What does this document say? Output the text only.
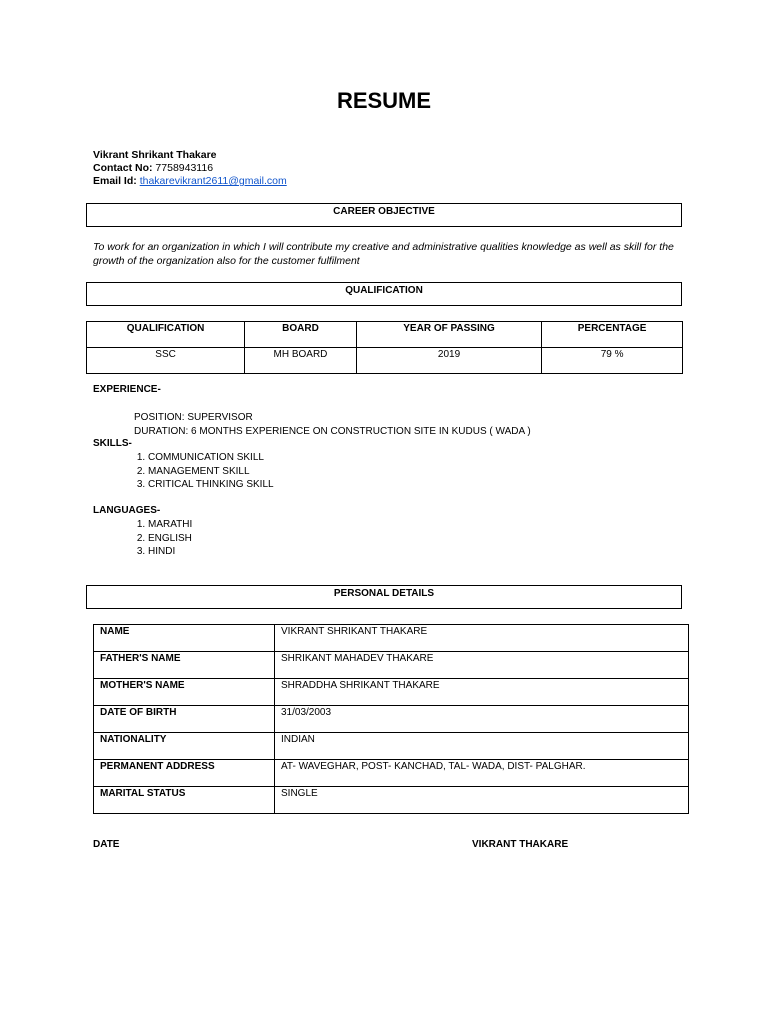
RESUME
Vikrant Shrikant Thakare
Contact No: 7758943116
Email Id: thakarevikrant2611@gmail.com
CAREER OBJECTIVE
To work for an organization in which I will contribute my creative and administrative qualities knowledge as well as skill for the growth of the organization also for the customer fulfilment
QUALIFICATION
QUALIFICATION	BOARD	YEAR OF PASSING	PERCENTAGE
SSC	MH BOARD	2019	79 %
EXPERIENCE-
POSITION: SUPERVISOR
DURATION: 6 MONTHS EXPERIENCE ON CONSTRUCTION SITE IN KUDUS ( WADA )
SKILLS-
1. COMMUNICATION SKILL
2. MANAGEMENT SKILL
3. CRITICAL THINKING SKILL
LANGUAGES-
1. MARATHI
2. ENGLISH
3. HINDI
PERSONAL DETAILS
NAME	VIKRANT SHRIKANT THAKARE
FATHER'S NAME	SHRIKANT MAHADEV THAKARE
MOTHER'S NAME	SHRADDHA SHRIKANT THAKARE
DATE OF BIRTH	31/03/2003
NATIONALITY	INDIAN
PERMANENT ADDRESS	AT- WAVEGHAR, POST- KANCHAD, TAL- WADA, DIST- PALGHAR.
MARITAL STATUS	SINGLE
DATE	VIKRANT THAKARE
